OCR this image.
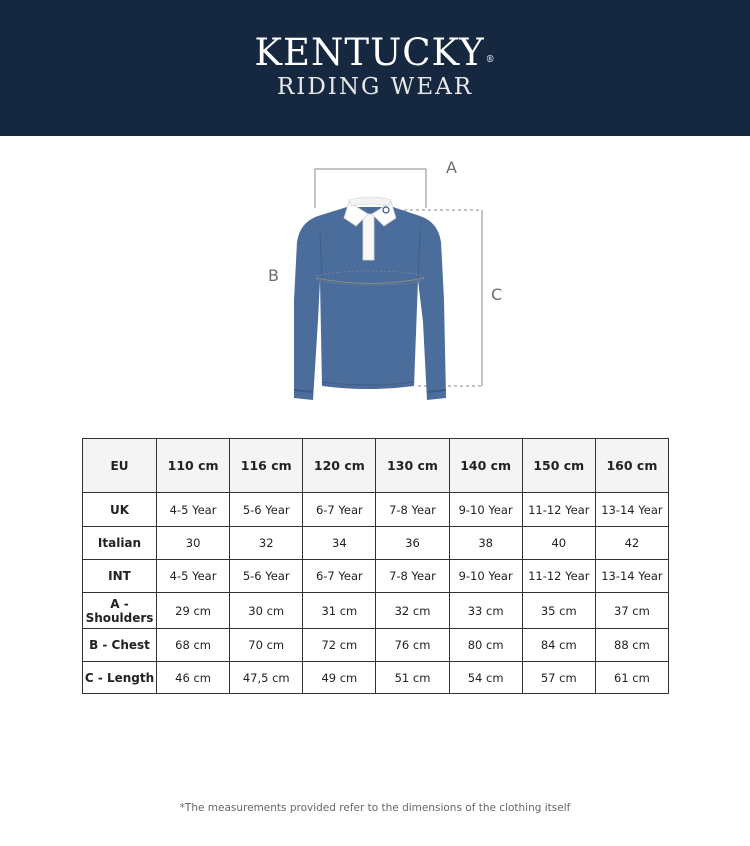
KENTUCKY®
RIDING WEAR
A
B
C
EU	110 cm	116 cm	120 cm	130 cm	140 cm	150 cm	160 cm
UK	4-5 Year	5-6 Year	6-7 Year	7-8 Year	9-10 Year	11-12 Year	13-14 Year
Italian	30	32	34	36	38	40	42
INT	4-5 Year	5-6 Year	6-7 Year	7-8 Year	9-10 Year	11-12 Year	13-14 Year
A - Shoulders	29 cm	30 cm	31 cm	32 cm	33 cm	35 cm	37 cm
B - Chest	68 cm	70 cm	72 cm	76 cm	80 cm	84 cm	88 cm
C - Length	46 cm	47,5 cm	49 cm	51 cm	54 cm	57 cm	61 cm
*The measurements provided refer to the dimensions of the clothing itself
